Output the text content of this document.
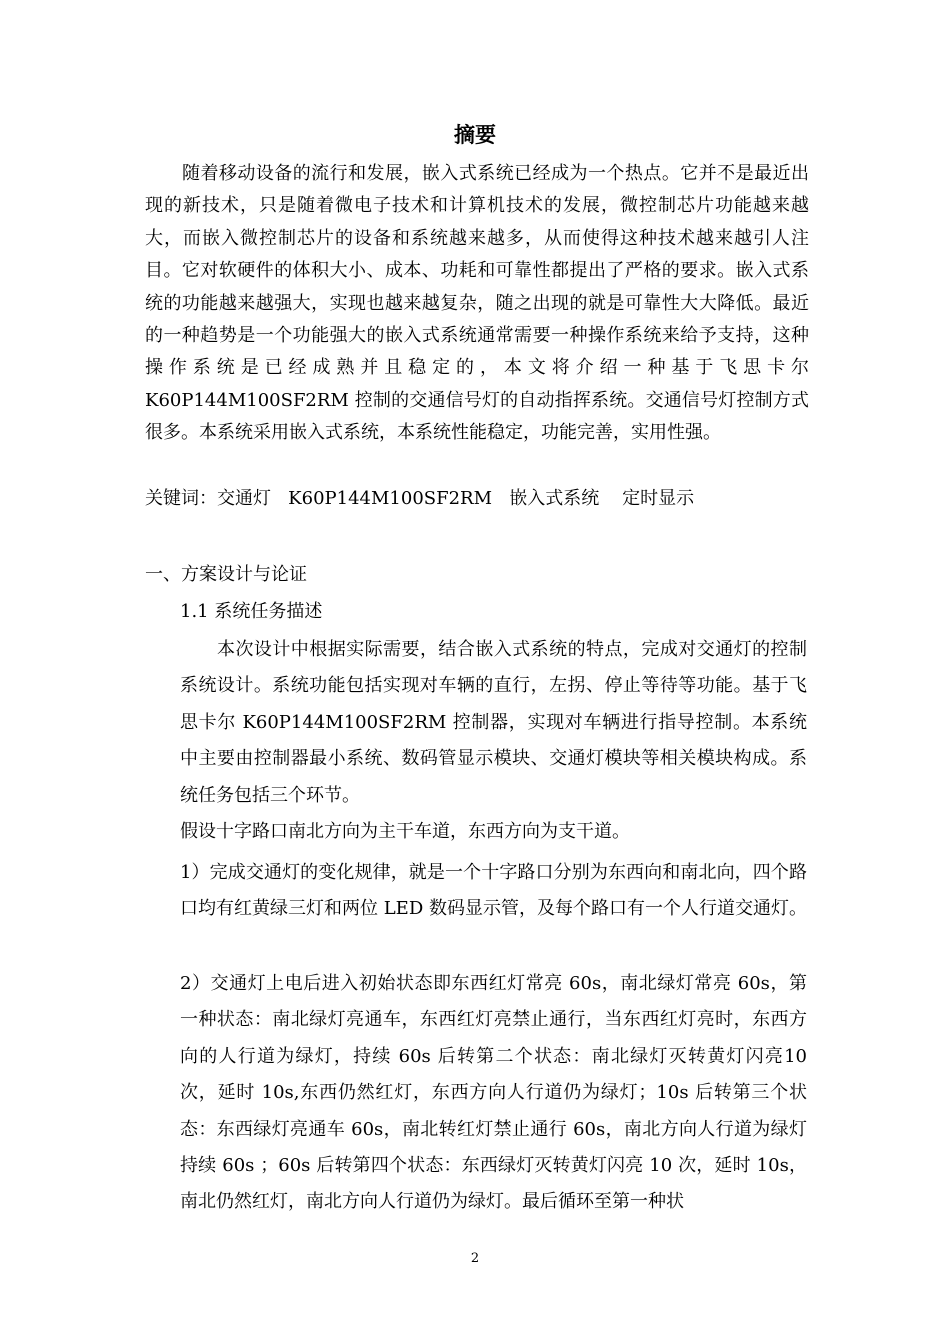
摘要

随着移动设备的流行和发展，嵌入式系统已经成为一个热点。它并不是最近出现的新技术，只是随着微电子技术和计算机技术的发展，微控制芯片功能越来越大，而嵌入微控制芯片的设备和系统越来越多，从而使得这种技术越来越引人注目。它对软硬件的体积大小、成本、功耗和可靠性都提出了严格的要求。嵌入式系统的功能越来越强大，实现也越来越复杂，随之出现的就是可靠性大大降低。最近的一种趋势是一个功能强大的嵌入式系统通常需要一种操作系统来给予支持，这种操作系统是已经成熟并且稳定的，本文将介绍一种基于飞思卡尔K60P144M100SF2RM 控制的交通信号灯的自动指挥系统。交通信号灯控制方式很多。本系统采用嵌入式系统，本系统性能稳定，功能完善，实用性强。

关键词：交通灯 K60P144M100SF2RM 嵌入式系统 定时显示
一、方案设计与论证
1.1 系统任务描述

本次设计中根据实际需要，结合嵌入式系统的特点，完成对交通灯的控制系统设计。系统功能包括实现对车辆的直行，左拐、停止等待等功能。基于飞思卡尔 K60P144M100SF2RM 控制器，实现对车辆进行指导控制。本系统中主要由控制器最小系统、数码管显示模块、交通灯模块等相关模块构成。系统任务包括三个环节。

假设十字路口南北方向为主干车道，东西方向为支干道。

1）完成交通灯的变化规律，就是一个十字路口分别为东西向和南北向，四个路口均有红黄绿三灯和两位 LED 数码显示管，及每个路口有一个人行道交通灯。

2）交通灯上电后进入初始状态即东西红灯常亮 60s，南北绿灯常亮 60s，第一种状态：南北绿灯亮通车，东西红灯亮禁止通行，当东西红灯亮时，东西方向的人行道为绿灯，持续 60s 后转第二个状态：南北绿灯灭转黄灯闪亮10 次，延时 10s,东西仍然红灯，东西方向人行道仍为绿灯；10s 后转第三个状态：东西绿灯亮通车 60s，南北转红灯禁止通行 60s，南北方向人行道为绿灯持续 60s ；60s 后转第四个状态：东西绿灯灭转黄灯闪亮 10 次，延时 10s，南北仍然红灯，南北方向人行道仍为绿灯。最后循环至第一种状

2
